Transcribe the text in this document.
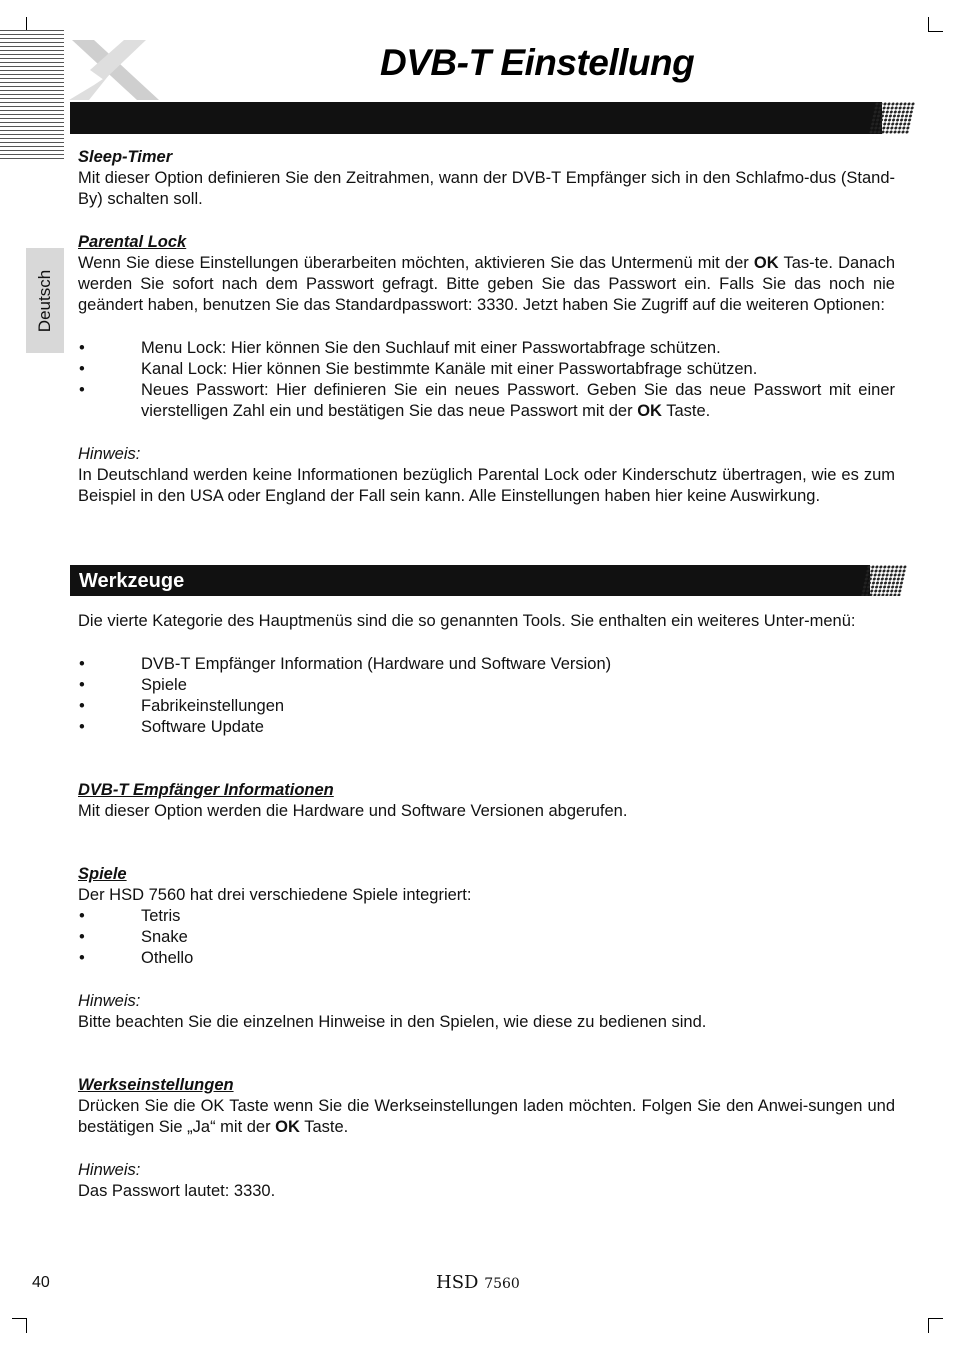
DVB-T Einstellung
Deutsch

Sleep-Timer

Mit dieser Option definieren Sie den Zeitrahmen, wann der DVB-T Empfänger sich in den Schlafmo-dus (Stand-By) schalten soll.

Parental Lock

Wenn Sie diese Einstellungen überarbeiten möchten, aktivieren Sie das Untermenü mit der OK Tas-te. Danach werden Sie sofort nach dem Passwort gefragt. Bitte geben Sie das Passwort ein. Falls Sie das noch nie geändert haben, benutzen Sie das Standardpasswort: 3330. Jetzt haben Sie Zugriff auf die weiteren Optionen:

• Menu Lock: Hier können Sie den Suchlauf mit einer Passwortabfrage schützen.
• Kanal Lock: Hier können Sie bestimmte Kanäle mit einer Passwortabfrage schützen.
• Neues Passwort: Hier definieren Sie ein neues Passwort. Geben Sie das neue Passwort mit einer vierstelligen Zahl ein und bestätigen Sie das neue Passwort mit der OK Taste.

Hinweis:

In Deutschland werden keine Informationen bezüglich Parental Lock oder Kinderschutz übertragen, wie es zum Beispiel in den USA oder England der Fall sein kann. Alle Einstellungen haben hier keine Auswirkung.

Werkzeuge

Die vierte Kategorie des Hauptmenüs sind die so genannten Tools. Sie enthalten ein weiteres Unter-menü:

• DVB-T Empfänger Information (Hardware und Software Version)
• Spiele
• Fabrikeinstellungen
• Software Update

DVB-T Empfänger Informationen

Mit dieser Option werden die Hardware und Software Versionen abgerufen.

Spiele

Der HSD 7560 hat drei verschiedene Spiele integriert:

• Tetris
• Snake
• Othello

Hinweis:

Bitte beachten Sie die einzelnen Hinweise in den Spielen, wie diese zu bedienen sind.

Werkseinstellungen

Drücken Sie die OK Taste wenn Sie die Werkseinstellungen laden möchten. Folgen Sie den Anwei-sungen und bestätigen Sie „Ja“ mit der OK Taste.

Hinweis:

Das Passwort lautet: 3330.

40	HSD 7560
